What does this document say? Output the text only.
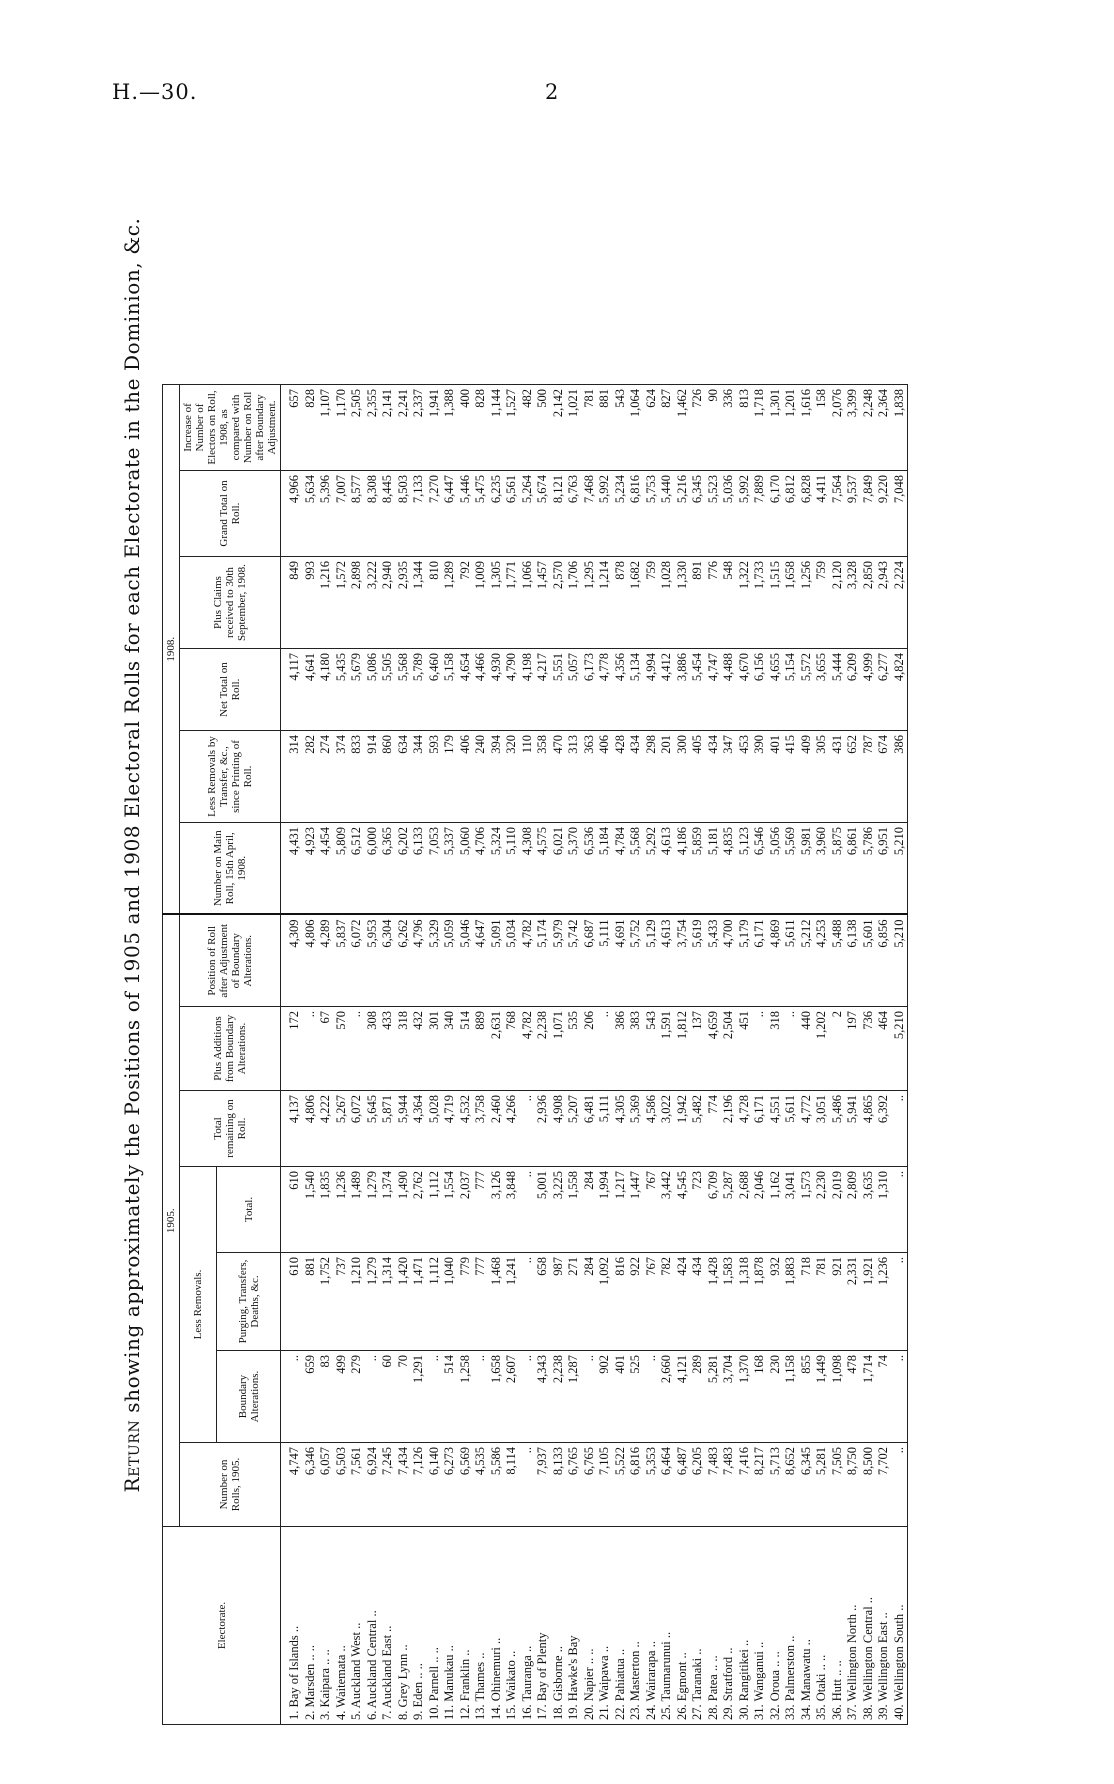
H.—30.	2
Return showing approximately the Positions of 1905 and 1908 Electoral Rolls for each Electorate in the Dominion, &c.
Electorate.	1905.							1908.					
	Number on Rolls, 1905.	Less Removals.			Total remaining on Roll.	Plus Additions from Boundary Alterations.	Position of Roll after Adjustment of Boundary Alterations.	Number on Main Roll, 15th April, 1908.	Less Removals by Transfer, &c., since Printing of Roll.	Net Total on Roll.	Plus Claims received to 30th September, 1908.	Grand Total on Roll.	Increase of Number of Electors on Roll, 1908, as compared with Number on Roll after Boundary Adjustment.
		Boundary Alterations.	Purging, Transfers, Deaths, &c.	Total.									
1. Bay of Islands ..	4,747	..	610	610	4,137	172	4,309	4,431	314	4,117	849	4,966	657
2. Marsden .. ..	6,346	659	881	1,540	4,806	..	4,806	4,923	282	4,641	993	5,634	828
3. Kaipara .. ..	6,057	83	1,752	1,835	4,222	67	4,289	4,454	274	4,180	1,216	5,396	1,107
4. Waitemata ..	6,503	499	737	1,236	5,267	570	5,837	5,809	374	5,435	1,572	7,007	1,170
5. Auckland West ..	7,561	279	1,210	1,489	6,072	..	6,072	6,512	833	5,679	2,898	8,577	2,505
6. Auckland Central ..	6,924	..	1,279	1,279	5,645	308	5,953	6,000	914	5,086	3,222	8,308	2,355
7. Auckland East ..	7,245	60	1,314	1,374	5,871	433	6,304	6,365	860	5,505	2,940	8,445	2,141
8. Grey Lynn ..	7,434	70	1,420	1,490	5,944	318	6,262	6,202	634	5,568	2,935	8,503	2,241
9. Eden .. ..	7,126	1,291	1,471	2,762	4,364	432	4,796	6,133	344	5,789	1,344	7,133	2,337
10. Parnell .. ..	6,140	..	1,112	1,112	5,028	301	5,329	7,053	593	6,460	810	7,270	1,941
11. Manukau ..	6,273	514	1,040	1,554	4,719	340	5,059	5,337	179	5,158	1,289	6,447	1,388
12. Franklin ..	6,569	1,258	779	2,037	4,532	514	5,046	5,060	406	4,654	792	5,446	400
13. Thames ..	4,535	..	777	777	3,758	889	4,647	4,706	240	4,466	1,009	5,475	828
14. Ohinemuri ..	5,586	1,658	1,468	3,126	2,460	2,631	5,091	5,324	394	4,930	1,305	6,235	1,144
15. Waikato ..	8,114	2,607	1,241	3,848	4,266	768	5,034	5,110	320	4,790	1,771	6,561	1,527
16. Tauranga ..	..	..	..	..	..	4,782	4,782	4,308	110	4,198	1,066	5,264	482
17. Bay of Plenty	7,937	4,343	658	5,001	2,936	2,238	5,174	4,575	358	4,217	1,457	5,674	500
18. Gisborne ..	8,133	2,238	987	3,225	4,908	1,071	5,979	6,021	470	5,551	2,570	8,121	2,142
19. Hawke's Bay	6,765	1,287	271	1,558	5,207	535	5,742	5,370	313	5,057	1,706	6,763	1,021
20. Napier .. ..	6,765	..	284	284	6,481	206	6,687	6,536	363	6,173	1,295	7,468	781
21. Waipawa ..	7,105	902	1,092	1,994	5,111	..	5,111	5,184	406	4,778	1,214	5,992	881
22. Pahiatua ..	5,522	401	816	1,217	4,305	386	4,691	4,784	428	4,356	878	5,234	543
23. Masterton ..	6,816	525	922	1,447	5,369	383	5,752	5,568	434	5,134	1,682	6,816	1,064
24. Wairarapa ..	5,353	..	767	767	4,586	543	5,129	5,292	298	4,994	759	5,753	624
25. Taumarunui ..	6,464	2,660	782	3,442	3,022	1,591	4,613	4,613	201	4,412	1,028	5,440	827
26. Egmont ..	6,487	4,121	424	4,545	1,942	1,812	3,754	4,186	300	3,886	1,330	5,216	1,462
27. Taranaki ..	6,205	289	434	723	5,482	137	5,619	5,859	405	5,454	891	6,345	726
28. Patea .. ..	7,483	5,281	1,428	6,709	774	4,659	5,433	5,181	434	4,747	776	5,523	90
29. Stratford ..	7,483	3,704	1,583	5,287	2,196	2,504	4,700	4,835	347	4,488	548	5,036	336
30. Rangitikei ..	7,416	1,370	1,318	2,688	4,728	451	5,179	5,123	453	4,670	1,322	5,992	813
31. Wanganui ..	8,217	168	1,878	2,046	6,171	..	6,171	6,546	390	6,156	1,733	7,889	1,718
32. Oroua .. ..	5,713	230	932	1,162	4,551	318	4,869	5,056	401	4,655	1,515	6,170	1,301
33. Palmerston ..	8,652	1,158	1,883	3,041	5,611	..	5,611	5,569	415	5,154	1,658	6,812	1,201
34. Manawatu ..	6,345	855	718	1,573	4,772	440	5,212	5,981	409	5,572	1,256	6,828	1,616
35. Otaki .. ..	5,281	1,449	781	2,230	3,051	1,202	4,253	3,960	305	3,655	759	4,411	158
36. Hutt .. ..	7,505	1,098	921	2,019	5,486	2	5,488	5,875	431	5,444	2,120	7,564	2,076
37. Wellington North ..	8,750	478	2,331	2,809	5,941	197	6,138	6,861	652	6,209	3,328	9,537	3,399
38. Wellington Central ..	8,500	1,714	1,921	3,635	4,865	736	5,601	5,786	787	4,999	2,850	7,849	2,248
39. Wellington East ..	7,702	74	1,236	1,310	6,392	464	6,856	6,951	674	6,277	2,943	9,220	2,364
40. Wellington South ..	..	..	..	..	..	5,210	5,210	5,210	386	4,824	2,224	7,048	1,838
